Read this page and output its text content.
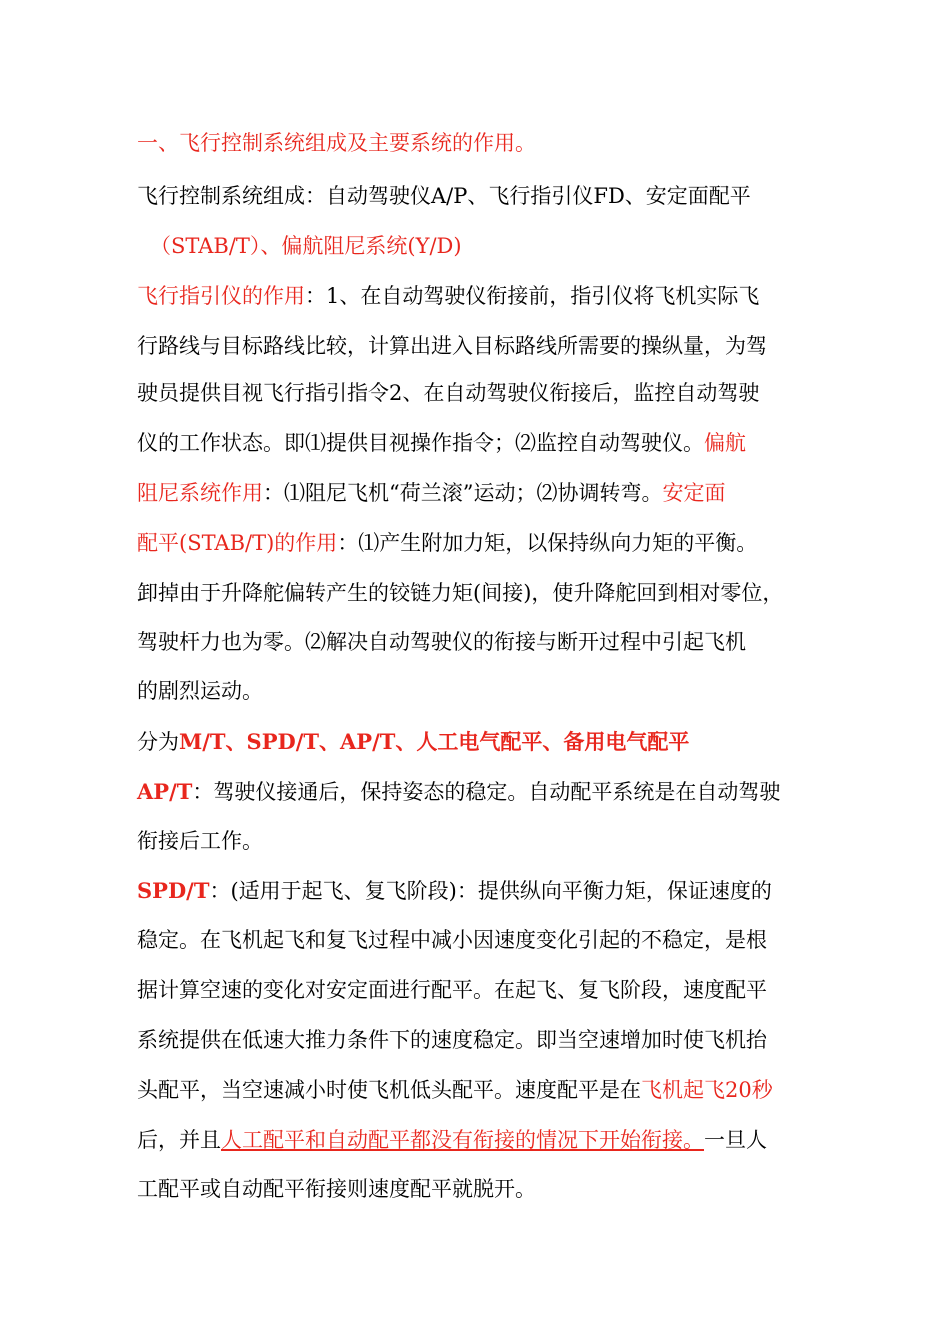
一、飞行控制系统组成及主要系统的作用。
飞行控制系统组成：自动驾驶仪A/P、飞行指引仪FD、安定面配平
（STAB/T）、偏航阻尼系统(Y/D)
飞行指引仪的作用：1、在自动驾驶仪衔接前，指引仪将飞机实际飞
行路线与目标路线比较，计算出进入目标路线所需要的操纵量，为驾
驶员提供目视飞行指引指令2、在自动驾驶仪衔接后，监控自动驾驶
仪的工作状态。即⑴提供目视操作指令；⑵监控自动驾驶仪。偏航
阻尼系统作用：⑴阻尼飞机“荷兰滚”运动；⑵协调转弯。安定面
配平(STAB/T)的作用：⑴产生附加力矩，以保持纵向力矩的平衡。
卸掉由于升降舵偏转产生的铰链力矩(间接)，使升降舵回到相对零位，
驾驶杆力也为零。⑵解决自动驾驶仪的衔接与断开过程中引起飞机
的剧烈运动。
分为M/T、SPD/T、AP/T、人工电气配平、备用电气配平
AP/T：驾驶仪接通后，保持姿态的稳定。自动配平系统是在自动驾驶
衔接后工作。
SPD/T：(适用于起飞、复飞阶段)：提供纵向平衡力矩，保证速度的
稳定。在飞机起飞和复飞过程中减小因速度变化引起的不稳定，是根
据计算空速的变化对安定面进行配平。在起飞、复飞阶段，速度配平
系统提供在低速大推力条件下的速度稳定。即当空速增加时使飞机抬
头配平，当空速减小时使飞机低头配平。速度配平是在飞机起飞20秒
后，并且人工配平和自动配平都没有衔接的情况下开始衔接。一旦人
工配平或自动配平衔接则速度配平就脱开。
